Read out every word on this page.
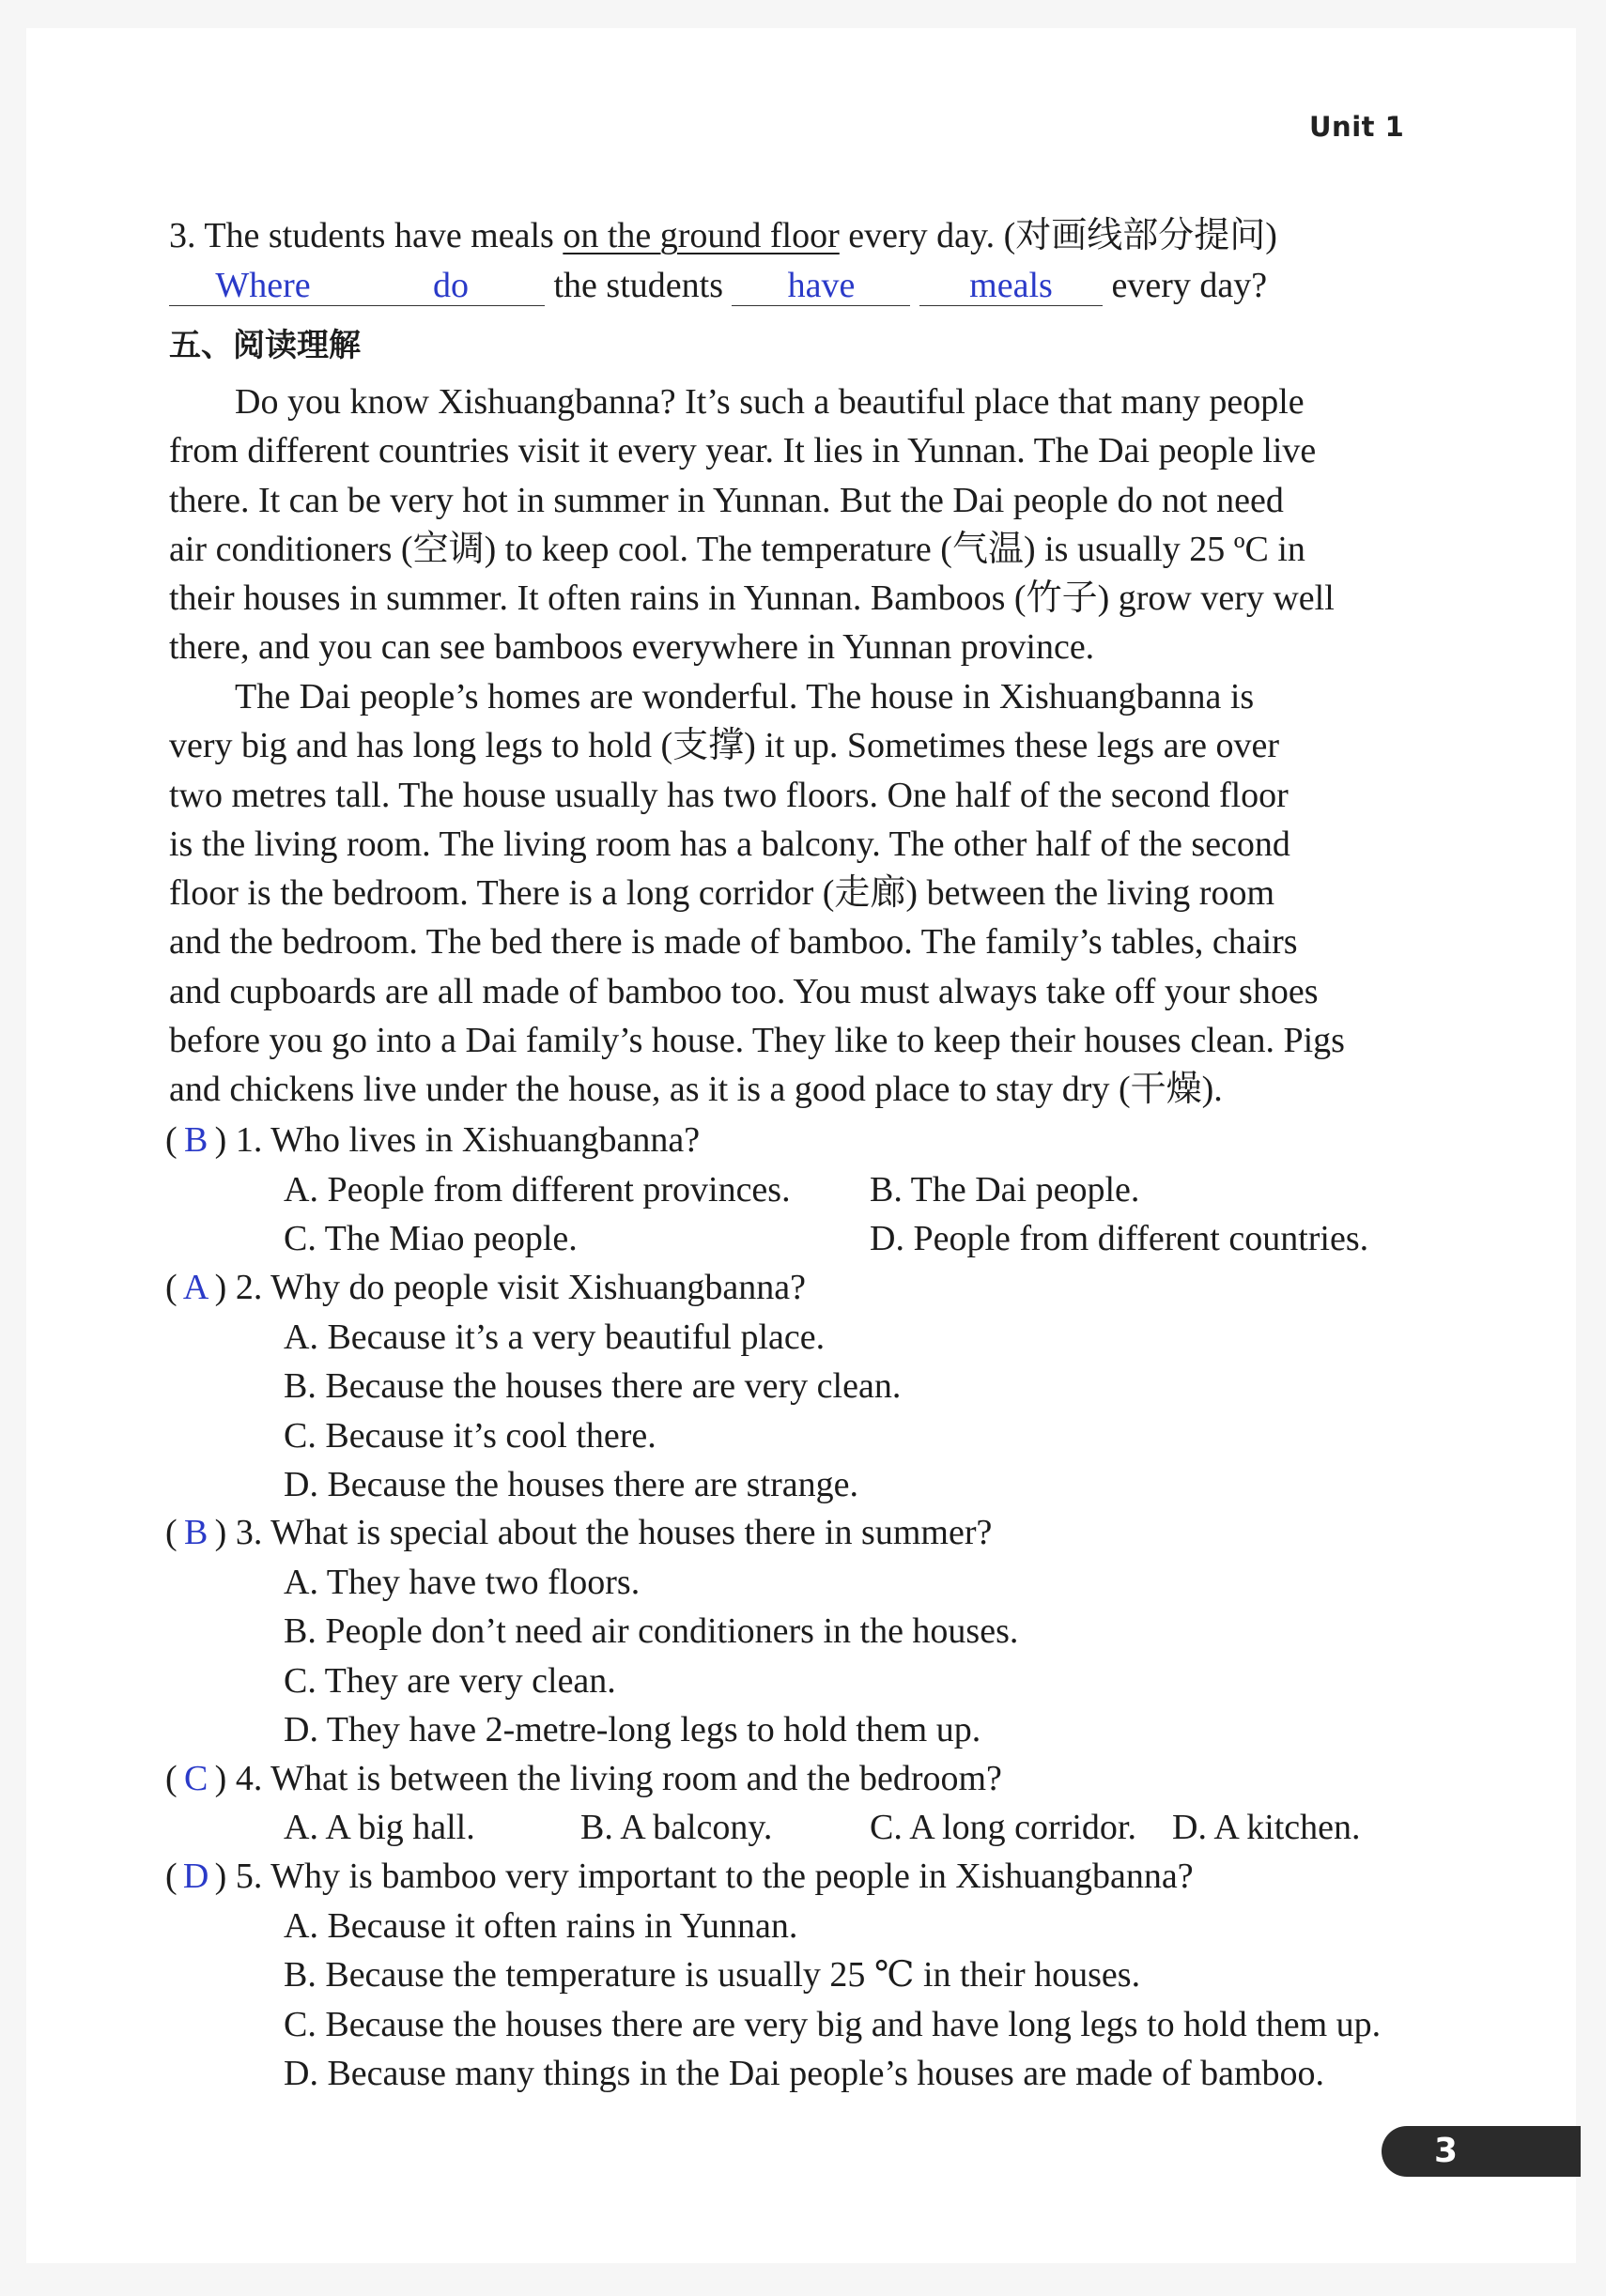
Unit 1
3. The students have meals on the ground floor every day. (对画线部分提问)
Where	do the students have	meals every day?
五、阅读理解

Do you know Xishuangbanna? It’s such a beautiful place that many people

from different countries visit it every year. It lies in Yunnan. The Dai people live

there. It can be very hot in summer in Yunnan. But the Dai people do not need

air conditioners (空调) to keep cool. The temperature (气温) is usually 25 ºC in

their houses in summer. It often rains in Yunnan. Bamboos (竹子) grow very well

there, and you can see bamboos everywhere in Yunnan province.

The Dai people’s homes are wonderful. The house in Xishuangbanna is

very big and has long legs to hold (支撑) it up. Sometimes these legs are over

two metres tall. The house usually has two floors. One half of the second floor

is the living room. The living room has a balcony. The other half of the second

floor is the bedroom. There is a long corridor (走廊) between the living room

and the bedroom. The bed there is made of bamboo. The family’s tables, chairs

and cupboards are all made of bamboo too. You must always take off your shoes

before you go into a Dai family’s house. They like to keep their houses clean. Pigs

and chickens live under the house, as it is a good place to stay dry (干燥).

( B ) 1. Who lives in Xishuangbanna?
A. People from different provinces. B. The Dai people.
C. The Miao people.	D. People from different countries.
( A ) 2. Why do people visit Xishuangbanna?
A. Because it’s a very beautiful place.
B. Because the houses there are very clean.
C. Because it’s cool there.
D. Because the houses there are strange.
( B ) 3. What is special about the houses there in summer?
A. They have two floors.
B. People don’t need air conditioners in the houses.
C. They are very clean.
D. They have 2-metre-long legs to hold them up.
( C ) 4. What is between the living room and the bedroom?
A. A big hall.	B. A balcony.	C. A long corridor. D. A kitchen.
( D ) 5. Why is bamboo very important to the people in Xishuangbanna?
A. Because it often rains in Yunnan.
B. Because the temperature is usually 25 ℃ in their houses.
C. Because the houses there are very big and have long legs to hold them up.
D. Because many things in the Dai people’s houses are made of bamboo.
3
